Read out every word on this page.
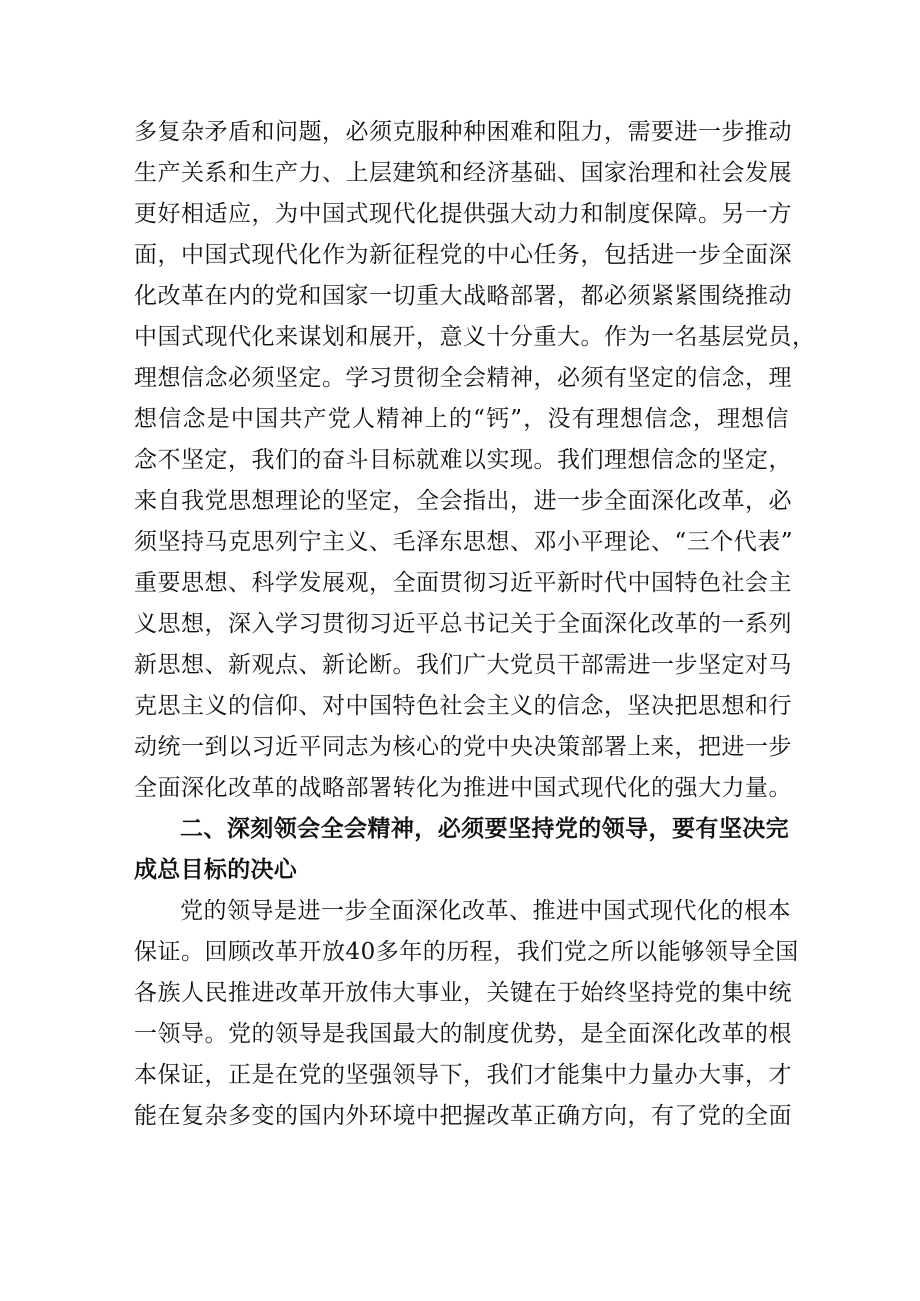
多复杂矛盾和问题，必须克服种种困难和阻力，需要进一步推动
生产关系和生产力、上层建筑和经济基础、国家治理和社会发展
更好相适应，为中国式现代化提供强大动力和制度保障。另一方
面，中国式现代化作为新征程党的中心任务，包括进一步全面深
化改革在内的党和国家一切重大战略部署，都必须紧紧围绕推动
中国式现代化来谋划和展开，意义十分重大。作为一名基层党员，
理想信念必须坚定。学习贯彻全会精神，必须有坚定的信念，理
想信念是中国共产党人精神上的“钙”，没有理想信念，理想信
念不坚定，我们的奋斗目标就难以实现。我们理想信念的坚定，
来自我党思想理论的坚定，全会指出，进一步全面深化改革，必
须坚持马克思列宁主义、毛泽东思想、邓小平理论、“三个代表”
重要思想、科学发展观，全面贯彻习近平新时代中国特色社会主
义思想，深入学习贯彻习近平总书记关于全面深化改革的一系列
新思想、新观点、新论断。我们广大党员干部需进一步坚定对马
克思主义的信仰、对中国特色社会主义的信念，坚决把思想和行
动统一到以习近平同志为核心的党中央决策部署上来，把进一步
全面深化改革的战略部署转化为推进中国式现代化的强大力量。
二、深刻领会全会精神，必须要坚持党的领导，要有坚决完
成总目标的决心
党的领导是进一步全面深化改革、推进中国式现代化的根本
保证。回顾改革开放40多年的历程，我们党之所以能够领导全国
各族人民推进改革开放伟大事业，关键在于始终坚持党的集中统
一领导。党的领导是我国最大的制度优势，是全面深化改革的根
本保证，正是在党的坚强领导下，我们才能集中力量办大事，才
能在复杂多变的国内外环境中把握改革正确方向，有了党的全面
